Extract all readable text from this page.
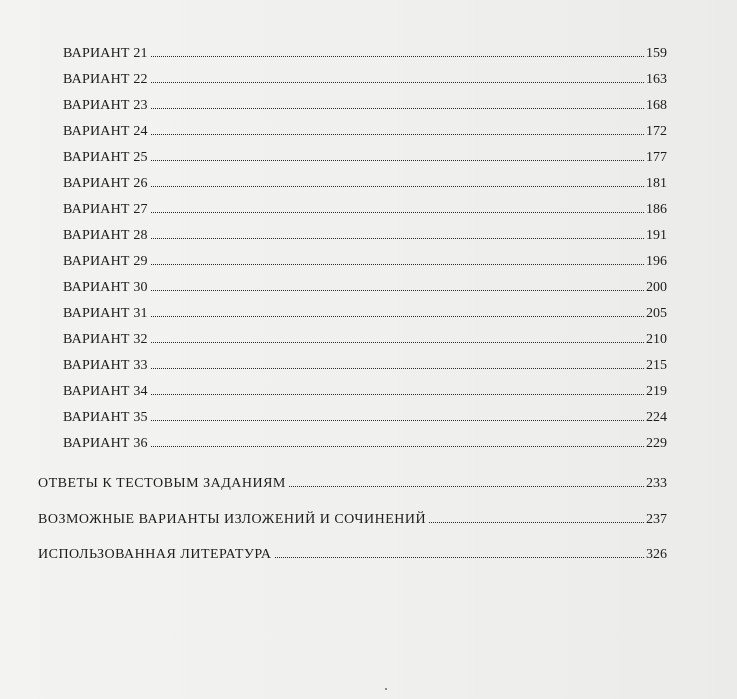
ВАРИАНТ 21	159
ВАРИАНТ 22	163
ВАРИАНТ 23	168
ВАРИАНТ 24	172
ВАРИАНТ 25	177
ВАРИАНТ 26	181
ВАРИАНТ 27	186
ВАРИАНТ 28	191
ВАРИАНТ 29	196
ВАРИАНТ 30	200
ВАРИАНТ 31	205
ВАРИАНТ 32	210
ВАРИАНТ 33	215
ВАРИАНТ 34	219
ВАРИАНТ 35	224
ВАРИАНТ 36	229
ОТВЕТЫ К ТЕСТОВЫМ ЗАДАНИЯМ	233
ВОЗМОЖНЫЕ ВАРИАНТЫ ИЗЛОЖЕНИЙ И СОЧИНЕНИЙ	237
ИСПОЛЬЗОВАННАЯ ЛИТЕРАТУРА	326
